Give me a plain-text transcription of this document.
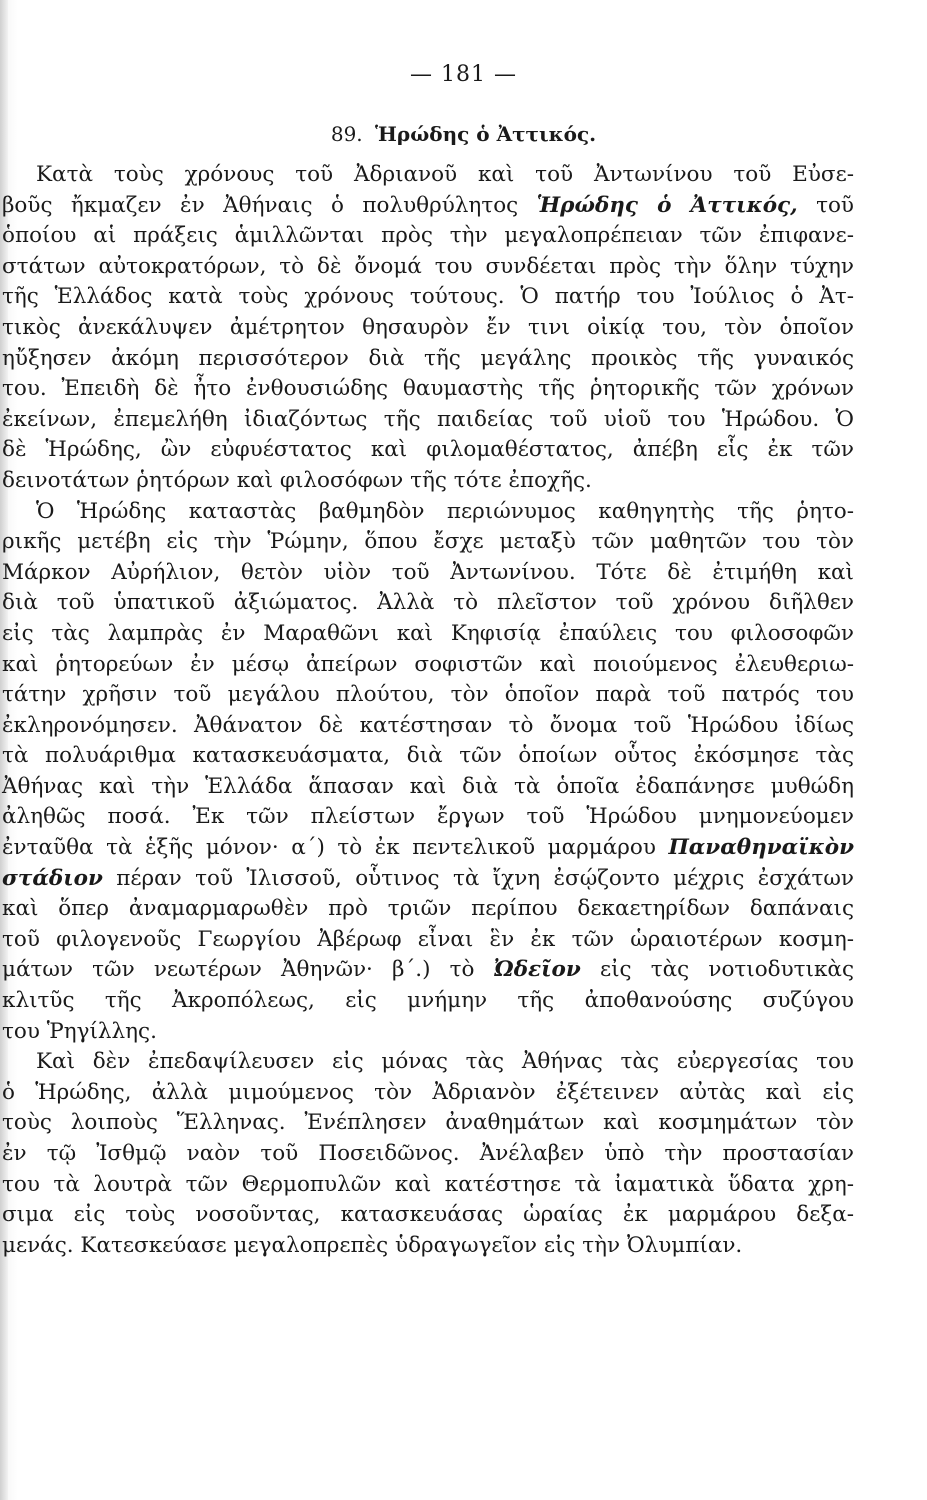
— 181 —
89. Ἡρώδης ὁ Ἀττικός.
Κατὰ τοὺς χρόνους τοῦ Ἀδριανοῦ καὶ τοῦ Ἀντωνίνου τοῦ Εὐσε-
βοῦς ἤκμαζεν ἐν Ἀθήναις ὁ πολυθρύλητος Ἡρώδης ὁ Ἀττικός, τοῦ
ὁποίου αἱ πράξεις ἁμιλλῶνται πρὸς τὴν μεγαλοπρέπειαν τῶν ἐπιφανε-
στάτων αὐτοκρατόρων, τὸ δὲ ὄνομά του συνδέεται πρὸς τὴν ὅλην τύχην
τῆς Ἑλλάδος κατὰ τοὺς χρόνους τούτους. Ὁ πατήρ του Ἰούλιος ὁ Ἀτ-
τικὸς ἀνεκάλυψεν ἀμέτρητον θησαυρὸν ἔν τινι οἰκίᾳ του, τὸν ὁποῖον
ηὔξησεν ἀκόμη περισσότερον διὰ τῆς μεγάλης προικὸς τῆς γυναικός
του. Ἐπειδὴ δὲ ἦτο ἐνθουσιώδης θαυμαστὴς τῆς ῥητορικῆς τῶν χρόνων
ἐκείνων, ἐπεμελήθη ἰδιαζόντως τῆς παιδείας τοῦ υἱοῦ του Ἡρώδου. Ὁ
δὲ Ἡρώδης, ὢν εὐφυέστατος καὶ φιλομαθέστατος, ἀπέβη εἷς ἐκ τῶν
δεινοτάτων ῥητόρων καὶ φιλοσόφων τῆς τότε ἐποχῆς.
Ὁ Ἡρώδης καταστὰς βαθμηδὸν περιώνυμος καθηγητὴς τῆς ῥητο-
ρικῆς μετέβη εἰς τὴν Ῥώμην, ὅπου ἔσχε μεταξὺ τῶν μαθητῶν του τὸν
Μάρκον Αὐρήλιον, θετὸν υἱὸν τοῦ Ἀντωνίνου. Τότε δὲ ἐτιμήθη καὶ
διὰ τοῦ ὑπατικοῦ ἀξιώματος. Ἀλλὰ τὸ πλεῖστον τοῦ χρόνου διῆλθεν
εἰς τὰς λαμπρὰς ἐν Μαραθῶνι καὶ Κηφισίᾳ ἐπαύλεις του φιλοσοφῶν
καὶ ῥητορεύων ἐν μέσῳ ἀπείρων σοφιστῶν καὶ ποιούμενος ἐλευθεριω-
τάτην χρῆσιν τοῦ μεγάλου πλούτου, τὸν ὁποῖον παρὰ τοῦ πατρός του
ἐκληρονόμησεν. Ἀθάνατον δὲ κατέστησαν τὸ ὄνομα τοῦ Ἡρώδου ἰδίως
τὰ πολυάριθμα κατασκευάσματα, διὰ τῶν ὁποίων οὗτος ἐκόσμησε τὰς
Ἀθήνας καὶ τὴν Ἑλλάδα ἅπασαν καὶ διὰ τὰ ὁποῖα ἐδαπάνησε μυθώδη
ἀληθῶς ποσά. Ἐκ τῶν πλείστων ἔργων τοῦ Ἡρώδου μνημονεύομεν
ἐνταῦθα τὰ ἑξῆς μόνον· α΄) τὸ ἐκ πεντελικοῦ μαρμάρου Παναθηναϊκὸν
στάδιον πέραν τοῦ Ἰλισσοῦ, οὗτινος τὰ ἴχνη ἐσῴζοντο μέχρις ἐσχάτων
καὶ ὅπερ ἀναμαρμαρωθὲν πρὸ τριῶν περίπου δεκαετηρίδων δαπάναις
τοῦ φιλογενοῦς Γεωργίου Ἀβέρωφ εἶναι ἓν ἐκ τῶν ὡραιοτέρων κοσμη-
μάτων τῶν νεωτέρων Ἀθηνῶν· β΄.) τὸ Ὠδεῖον εἰς τὰς νοτιοδυτικὰς
κλιτῦς τῆς Ἀκροπόλεως, εἰς μνήμην τῆς ἀποθανούσης συζύγου
του Ῥηγίλλης.
Καὶ δὲν ἐπεδαψίλευσεν εἰς μόνας τὰς Ἀθήνας τὰς εὐεργεσίας του
ὁ Ἡρώδης, ἀλλὰ μιμούμενος τὸν Ἀδριανὸν ἐξέτεινεν αὐτὰς καὶ εἰς
τοὺς λοιποὺς Ἕλληνας. Ἐνέπλησεν ἀναθημάτων καὶ κοσμημάτων τὸν
ἐν τῷ Ἰσθμῷ ναὸν τοῦ Ποσειδῶνος. Ἀνέλαβεν ὑπὸ τὴν προστασίαν
του τὰ λουτρὰ τῶν Θερμοπυλῶν καὶ κατέστησε τὰ ἰαματικὰ ὕδατα χρη-
σιμα εἰς τοὺς νοσοῦντας, κατασκευάσας ὡραίας ἐκ μαρμάρου δεξα-
μενάς. Κατεσκεύασε μεγαλοπρεπὲς ὑδραγωγεῖον εἰς τὴν Ὀλυμπίαν.
